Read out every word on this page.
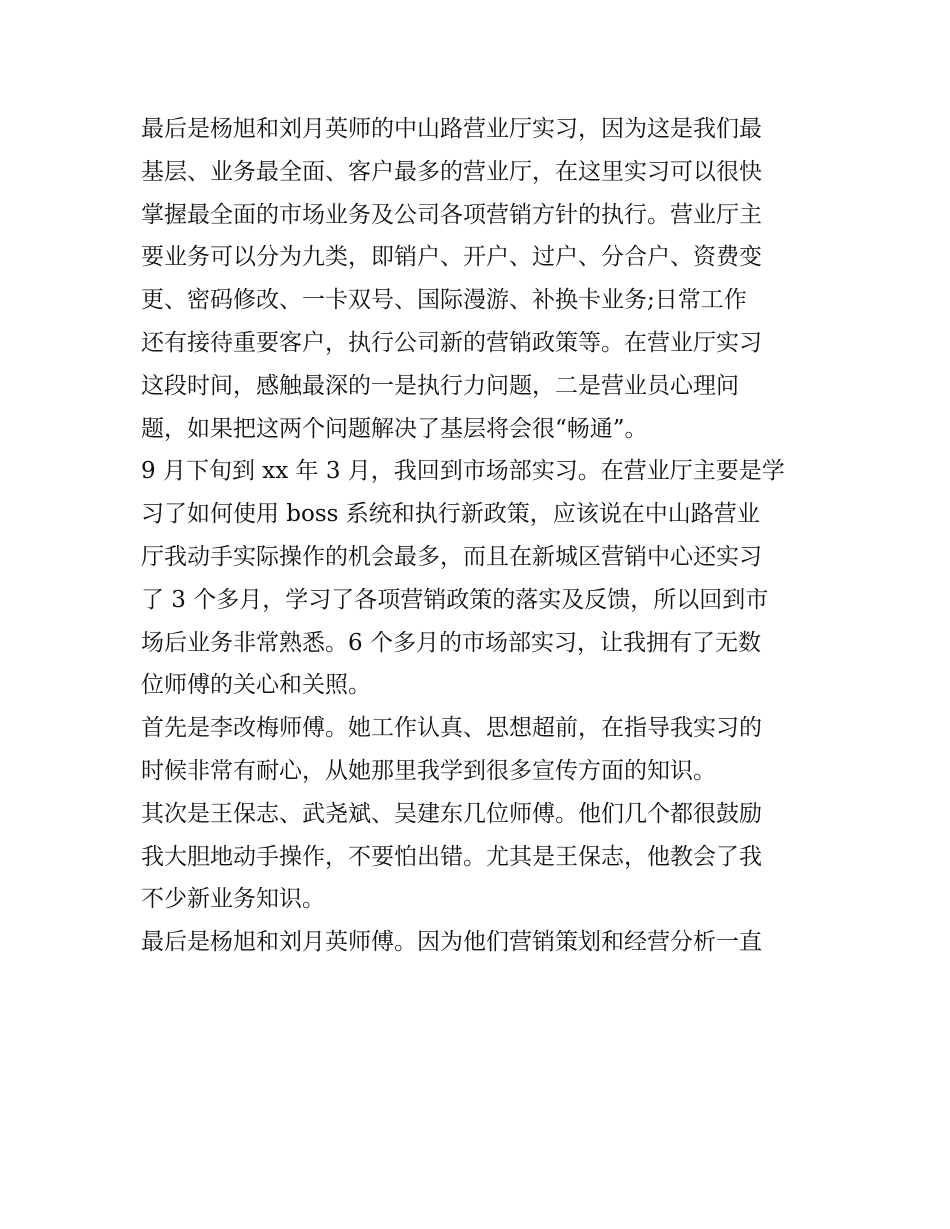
最后是杨旭和刘月英师的中山路营业厅实习，因为这是我们最
基层、业务最全面、客户最多的营业厅，在这里实习可以很快
掌握最全面的市场业务及公司各项营销方针的执行。营业厅主
要业务可以分为九类，即销户、开户、过户、分合户、资费变
更、密码修改、一卡双号、国际漫游、补换卡业务;日常工作
还有接待重要客户，执行公司新的营销政策等。在营业厅实习
这段时间，感触最深的一是执行力问题，二是营业员心理问
题，如果把这两个问题解决了基层将会很“畅通”。
9 月下旬到 xx 年 3 月，我回到市场部实习。在营业厅主要是学
习了如何使用 boss 系统和执行新政策，应该说在中山路营业
厅我动手实际操作的机会最多，而且在新城区营销中心还实习
了 3 个多月，学习了各项营销政策的落实及反馈，所以回到市
场后业务非常熟悉。6 个多月的市场部实习，让我拥有了无数
位师傅的关心和关照。
首先是李改梅师傅。她工作认真、思想超前，在指导我实习的
时候非常有耐心，从她那里我学到很多宣传方面的知识。
其次是王保志、武尧斌、吴建东几位师傅。他们几个都很鼓励
我大胆地动手操作，不要怕出错。尤其是王保志，他教会了我
不少新业务知识。
最后是杨旭和刘月英师傅。因为他们营销策划和经营分析一直
